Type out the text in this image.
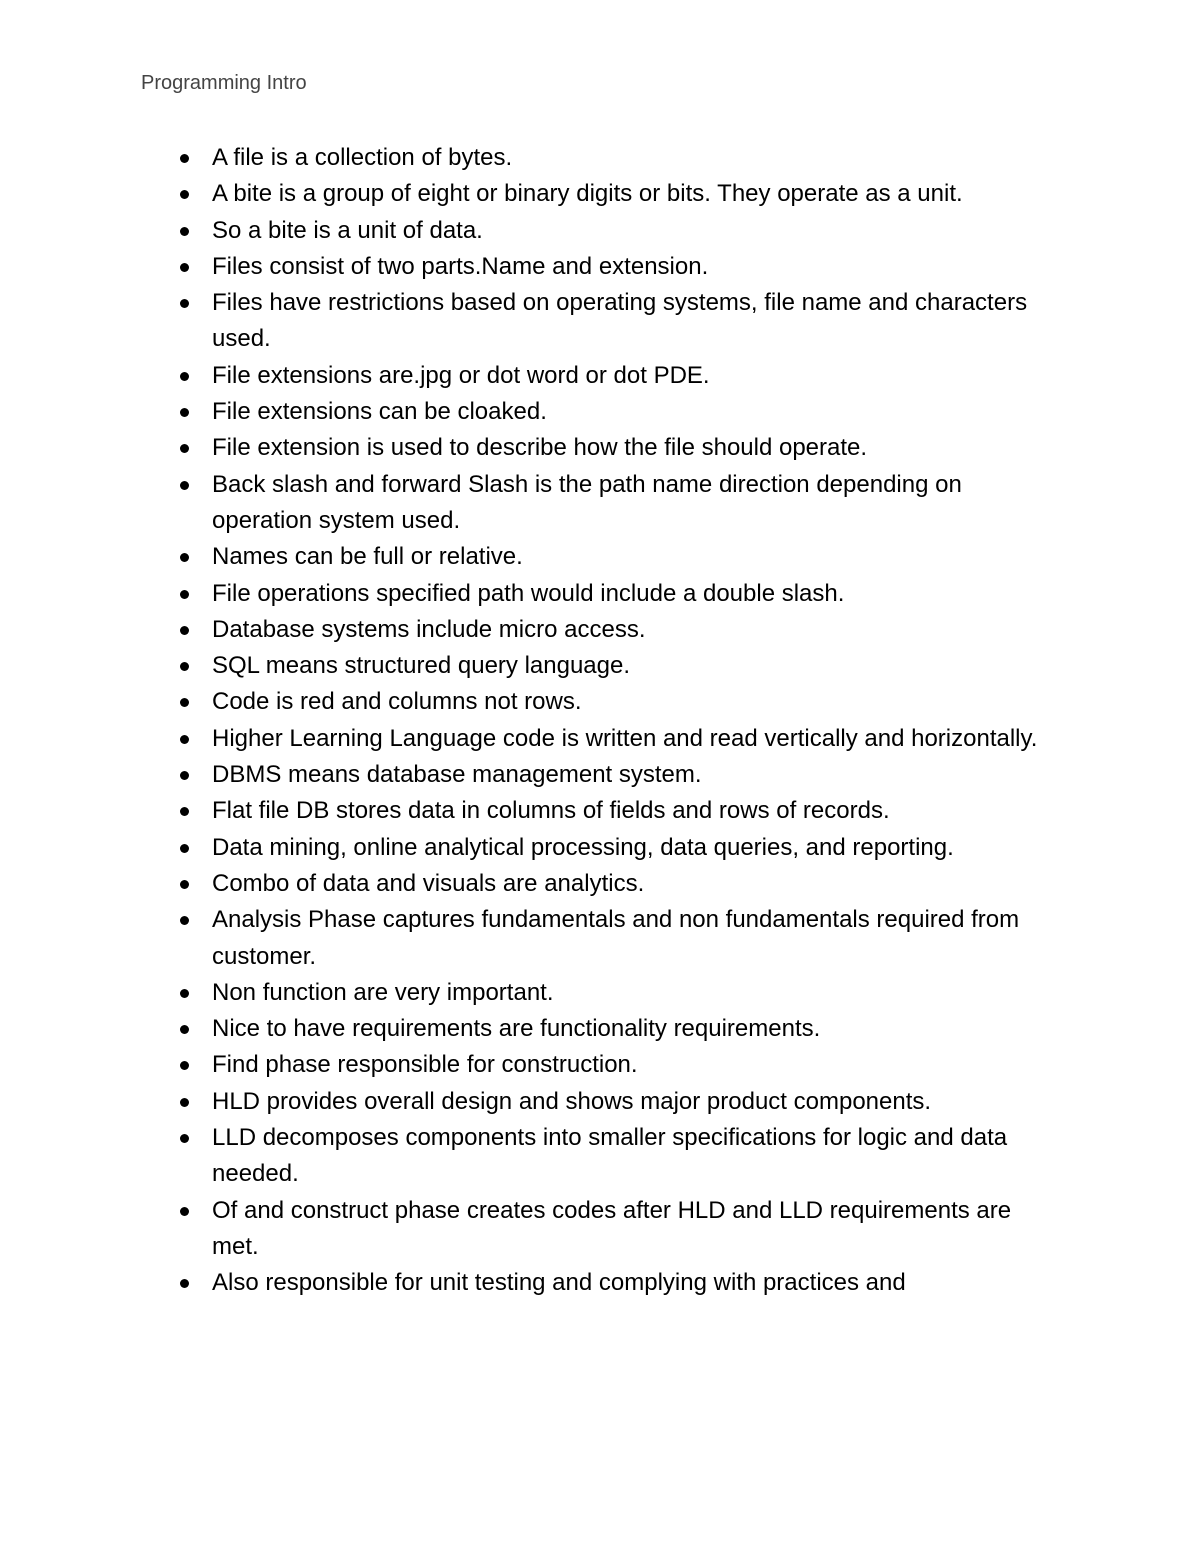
Programming Intro
A file is a collection of bytes.
A bite is a group of eight or binary digits or bits. They operate as a unit.
So a bite is a unit of data.
Files consist of two parts.Name and extension.
Files have restrictions based on operating systems, file name and characters used.
File extensions are.jpg or dot word or dot PDE.
File extensions can be cloaked.
File extension is used to describe how the file should operate.
Back slash and forward Slash is the path name direction depending on operation system used.
Names can be full or relative.
File operations specified path would include a double slash.
Database systems include micro access.
SQL means structured query language.
Code is red and columns not rows.
Higher Learning Language code is written and read vertically and horizontally.
DBMS means database management system.
Flat file DB stores data in columns of fields and rows of records.
Data mining, online analytical processing, data queries, and reporting.
Combo of data and visuals are analytics.
Analysis Phase captures fundamentals and non fundamentals required from customer.
Non function are very important.
Nice to have requirements are functionality requirements.
Find phase responsible for construction.
HLD provides overall design and shows major product components.
LLD decomposes components into smaller specifications for logic and data needed.
Of and construct phase creates codes after HLD and LLD requirements are met.
Also responsible for unit testing and complying with practices and
